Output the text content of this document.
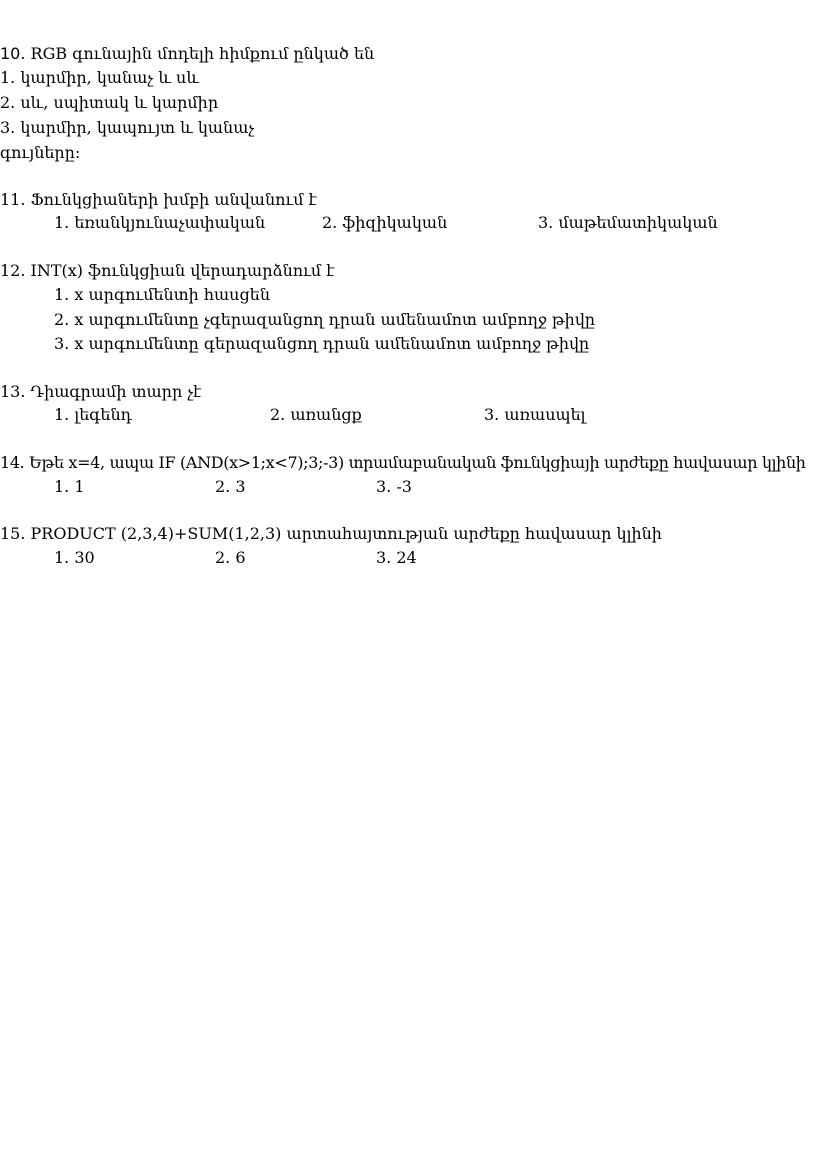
10. RGB գունային մոդելի հիմքում ընկած են
1. կարմիր, կանաչ և սև
2. սև, սպիտակ և կարմիր
3. կարմիր, կապույտ և կանաչ
գույները:
11. Ֆունկցիաների խմբի անվանում է
1. եռանկյունաչափական	2. ֆիզիկական	3. մաթեմատիկական
12. INT(x) ֆունկցիան վերադարձնում է
1. x արգումենտի հասցեն
2. x արգումենտը չգերազանցող դրան ամենամոտ ամբողջ թիվը
3. x արգումենտը գերազանցող դրան ամենամոտ ամբողջ թիվը
13. Դիագրամի տարր չէ
1. լեգենդ	2. առանցք	3. առասպել
14. Եթե x=4, ապա IF (AND(x>1;x<7);3;-3) տրամաբանական ֆունկցիայի արժեքը հավասար կլինի
1. 1	2. 3	3. -3
15. PRODUCT (2,3,4)+SUM(1,2,3) արտահայտության արժեքը հավասար կլինի
1. 30	2. 6	3. 24
